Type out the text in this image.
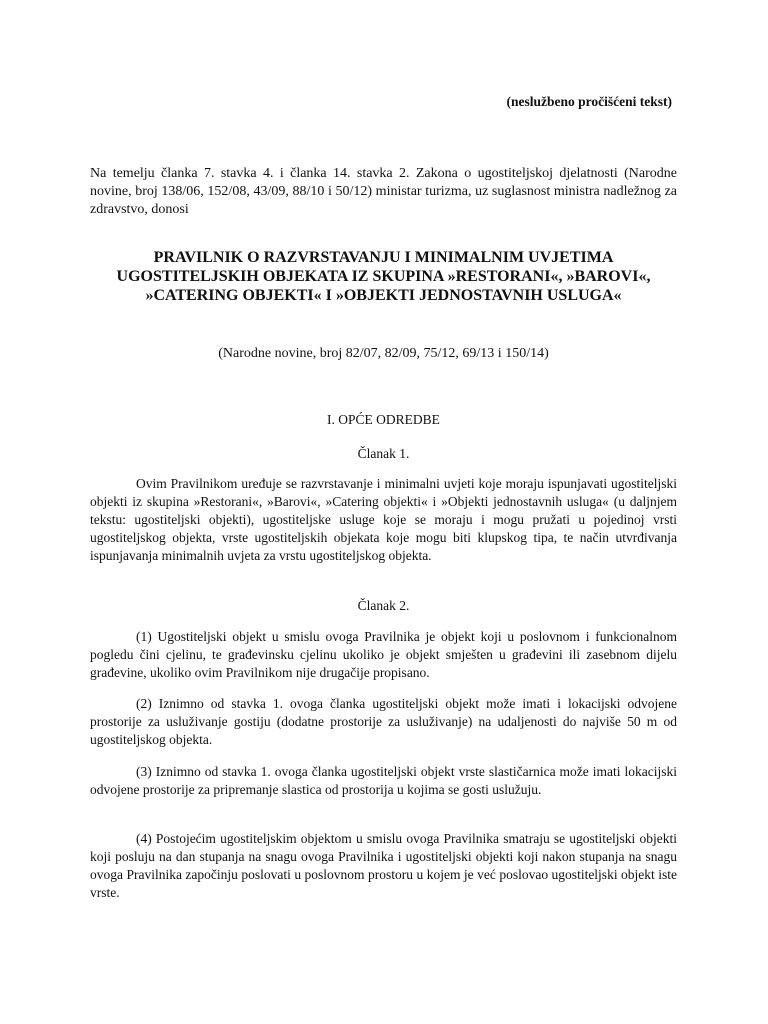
(neslužbeno pročišćeni tekst)
Na temelju članka 7. stavka 4. i članka 14. stavka 2. Zakona o ugostiteljskoj djelatnosti (Narodne novine, broj 138/06, 152/08, 43/09, 88/10 i 50/12) ministar turizma, uz suglasnost ministra nadležnog za zdravstvo, donosi
PRAVILNIK O RAZVRSTAVANJU I MINIMALNIM UVJETIMA UGOSTITELJSKIH OBJEKATA IZ SKUPINA »RESTORANI«, »BAROVI«, »CATERING OBJEKTI« I »OBJEKTI JEDNOSTAVNIH USLUGA«
(Narodne novine, broj 82/07, 82/09, 75/12, 69/13 i 150/14)
I. OPĆE ODREDBE
Članak 1.
Ovim Pravilnikom uređuje se razvrstavanje i minimalni uvjeti koje moraju ispunjavati ugostiteljski objekti iz skupina »Restorani«, »Barovi«, »Catering objekti« i »Objekti jednostavnih usluga« (u daljnjem tekstu: ugostiteljski objekti), ugostiteljske usluge koje se moraju i mogu pružati u pojedinoj vrsti ugostiteljskog objekta, vrste ugostiteljskih objekata koje mogu biti klupskog tipa, te način utvrđivanja ispunjavanja minimalnih uvjeta za vrstu ugostiteljskog objekta.
Članak 2.
(1) Ugostiteljski objekt u smislu ovoga Pravilnika je objekt koji u poslovnom i funkcionalnom pogledu čini cjelinu, te građevinsku cjelinu ukoliko je objekt smješten u građevini ili zasebnom dijelu građevine, ukoliko ovim Pravilnikom nije drugačije propisano.
(2) Iznimno od stavka 1. ovoga članka ugostiteljski objekt može imati i lokacijski odvojene prostorije za usluživanje gostiju (dodatne prostorije za usluživanje) na udaljenosti do najviše 50 m od ugostiteljskog objekta.
(3) Iznimno od stavka 1. ovoga članka ugostiteljski objekt vrste slastičarnica može imati lokacijski odvojene prostorije za pripremanje slastica od prostorija u kojima se gosti uslužuju.
(4) Postojećim ugostiteljskim objektom u smislu ovoga Pravilnika smatraju se ugostiteljski objekti koji posluju na dan stupanja na snagu ovoga Pravilnika i ugostiteljski objekti koji nakon stupanja na snagu ovoga Pravilnika započinju poslovati u poslovnom prostoru u kojem je već poslovao ugostiteljski objekt iste vrste.
